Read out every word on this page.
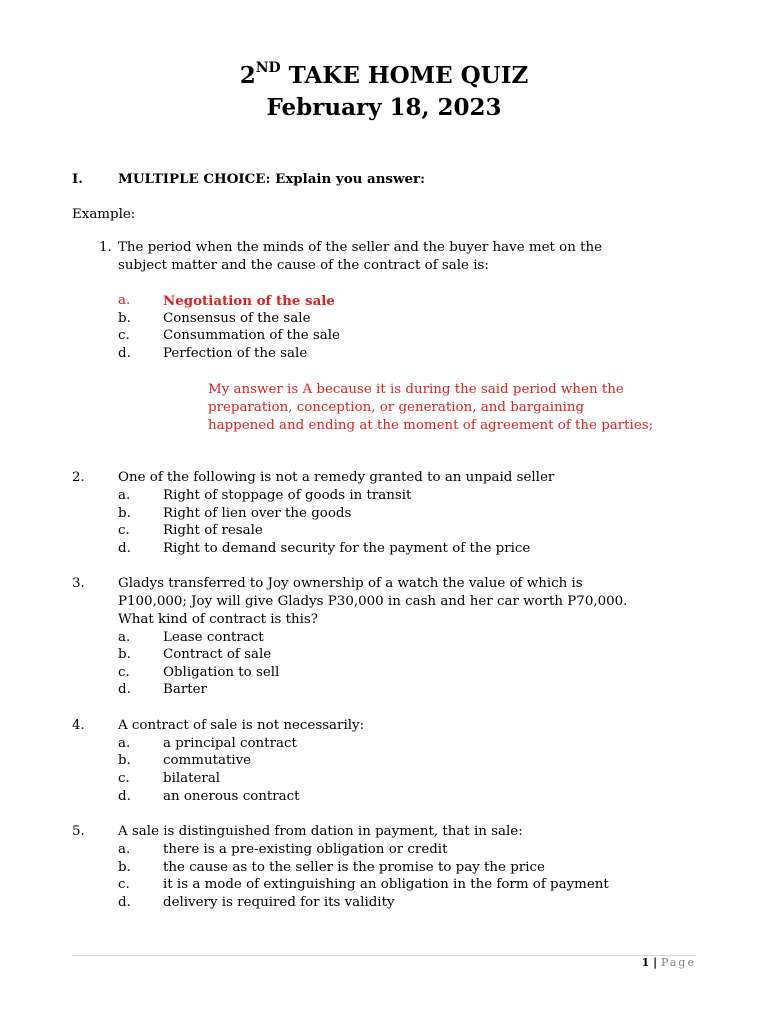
2ND TAKE HOME QUIZ
February 18, 2023
I.	MULTIPLE CHOICE: Explain you answer:
Example:
1. The period when the minds of the seller and the buyer have met on the
subject matter and the cause of the contract of sale is:
a. Negotiation of the sale
b. Consensus of the sale
c. Consummation of the sale
d. Perfection of the sale
My answer is A because it is during the said period when the
preparation, conception, or generation, and bargaining
happened and ending at the moment of agreement of the parties;
2. One of the following is not a remedy granted to an unpaid seller
a. Right of stoppage of goods in transit
b. Right of lien over the goods
c. Right of resale
d. Right to demand security for the payment of the price
3. Gladys transferred to Joy ownership of a watch the value of which is
P100,000; Joy will give Gladys P30,000 in cash and her car worth P70,000.
What kind of contract is this?
a. Lease contract
b. Contract of sale
c. Obligation to sell
d. Barter
4. A contract of sale is not necessarily:
a. a principal contract
b. commutative
c. bilateral
d. an onerous contract
5. A sale is distinguished from dation in payment, that in sale:
a. there is a pre-existing obligation or credit
b. the cause as to the seller is the promise to pay the price
c. it is a mode of extinguishing an obligation in the form of payment
d. delivery is required for its validity
1 | Page
